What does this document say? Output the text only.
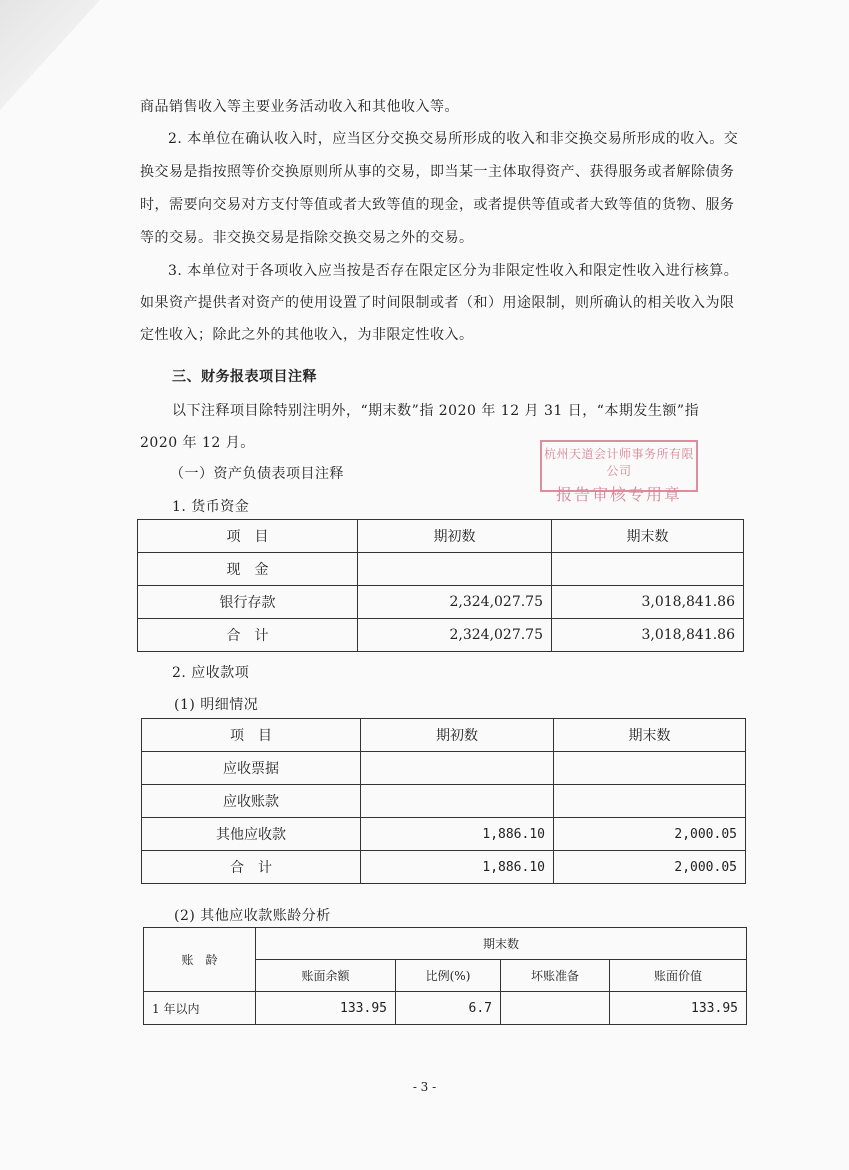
商品销售收入等主要业务活动收入和其他收入等。
2. 本单位在确认收入时，应当区分交换交易所形成的收入和非交换交易所形成的收入。交
换交易是指按照等价交换原则所从事的交易，即当某一主体取得资产、获得服务或者解除债务
时，需要向交易对方支付等值或者大致等值的现金，或者提供等值或者大致等值的货物、服务
等的交易。非交换交易是指除交换交易之外的交易。
3. 本单位对于各项收入应当按是否存在限定区分为非限定性收入和限定性收入进行核算。
如果资产提供者对资产的使用设置了时间限制或者（和）用途限制，则所确认的相关收入为限
定性收入；除此之外的其他收入，为非限定性收入。
三、财务报表项目注释
以下注释项目除特别注明外，“期末数”指 2020 年 12 月 31 日，“本期发生额”指
2020 年 12 月。
（一）资产负债表项目注释
1. 货币资金
杭州天道会计师事务所有限公司
报告审核专用章
项　目	期初数	期末数
现　金		
银行存款	2,324,027.75	3,018,841.86
合　计	2,324,027.75	3,018,841.86
2. 应收款项
(1) 明细情况
项　目	期初数	期末数
应收票据		
应收账款		
其他应收款	1,886.10	2,000.05
合　计	1,886.10	2,000.05
(2) 其他应收款账龄分析
账　龄	期末数			
	账面余额	比例(%)	坏账准备	账面价值
1 年以内	133.95	6.7		133.95
- 3 -
